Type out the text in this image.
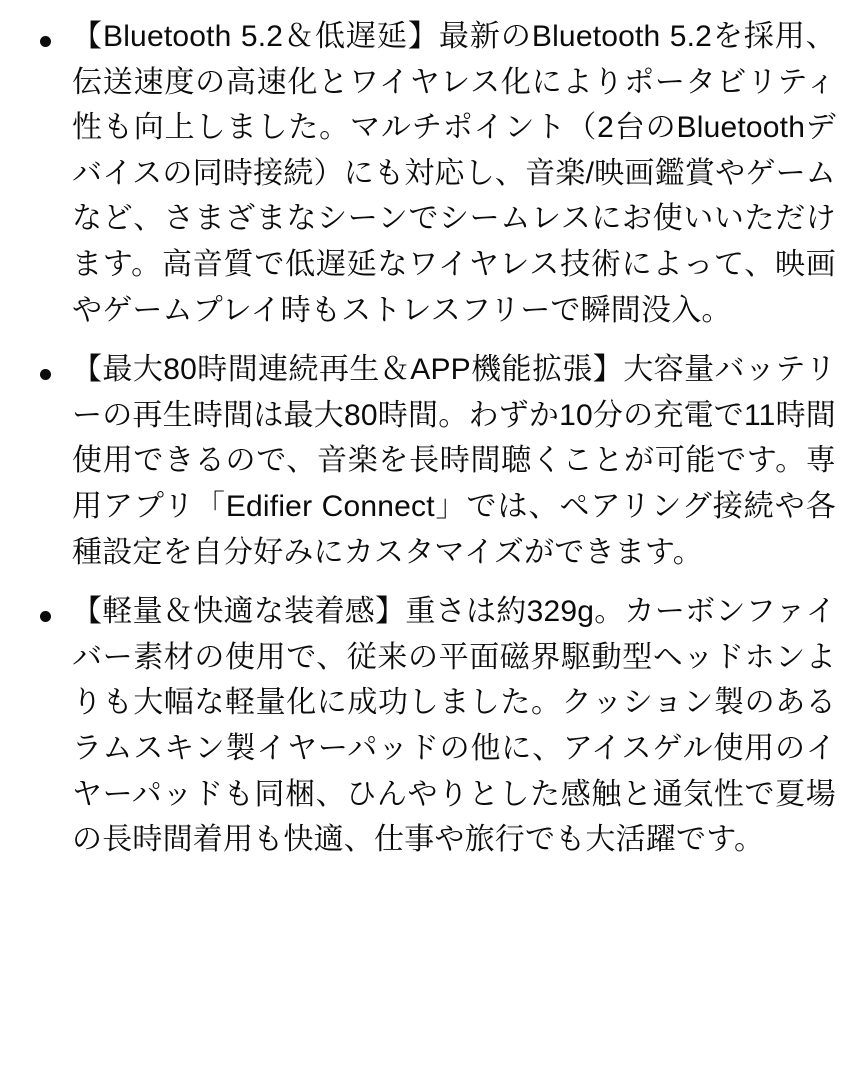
【Bluetooth 5.2＆低遅延】最新のBluetooth 5.2を採用、伝送速度の高速化とワイヤレス化によりポータビリティ性も向上しました。マルチポイント（2台のBluetoothデバイスの同時接続）にも対応し、音楽/映画鑑賞やゲームなど、さまざまなシーンでシームレスにお使いいただけます。高音質で低遅延なワイヤレス技術によって、映画やゲームプレイ時もストレスフリーで瞬間没入。
【最大80時間連続再生＆APP機能拡張】大容量バッテリーの再生時間は最大80時間。わずか10分の充電で11時間使用できるので、音楽を長時間聴くことが可能です。専用アプリ「Edifier Connect」では、ペアリング接続や各種設定を自分好みにカスタマイズができます。
【軽量＆快適な装着感】重さは約329g。カーボンファイバー素材の使用で、従来の平面磁界駆動型ヘッドホンよりも大幅な軽量化に成功しました。クッション製のあるラムスキン製イヤーパッドの他に、アイスゲル使用のイヤーパッドも同梱、ひんやりとした感触と通気性で夏場の長時間着用も快適、仕事や旅行でも大活躍です。
